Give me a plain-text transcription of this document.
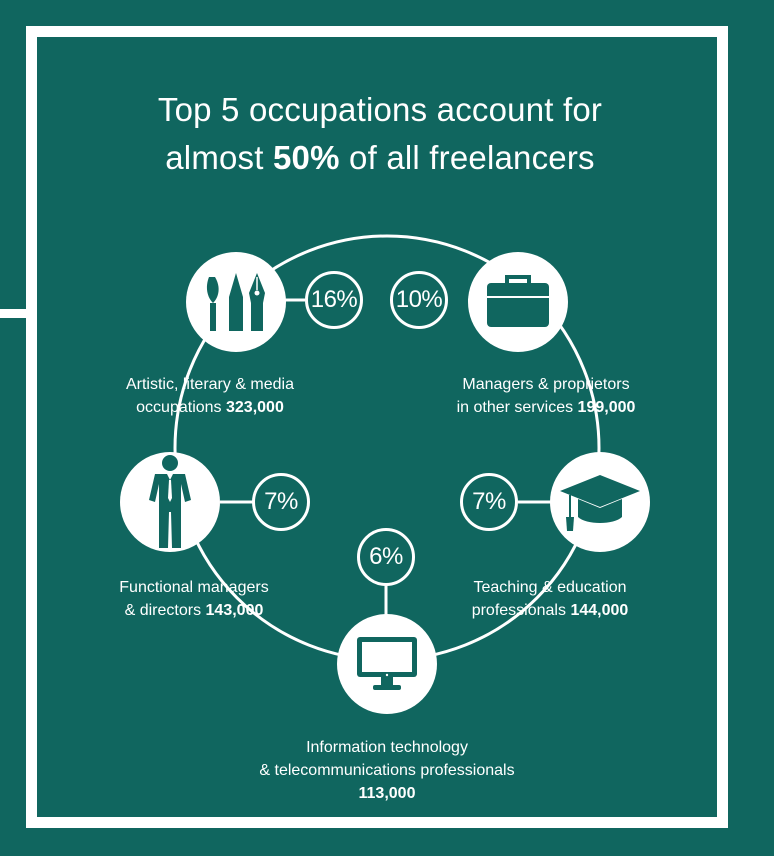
Top 5 occupations account for
almost 50% of all freelancers
16%
Artistic, literary & media
occupations 323,000
10%
Managers & proprietors
in other services 199,000
7%
Teaching & education
professionals 144,000
6%
Information technology
& telecommunications professionals
113,000
7%
Functional managers
& directors 143,000
